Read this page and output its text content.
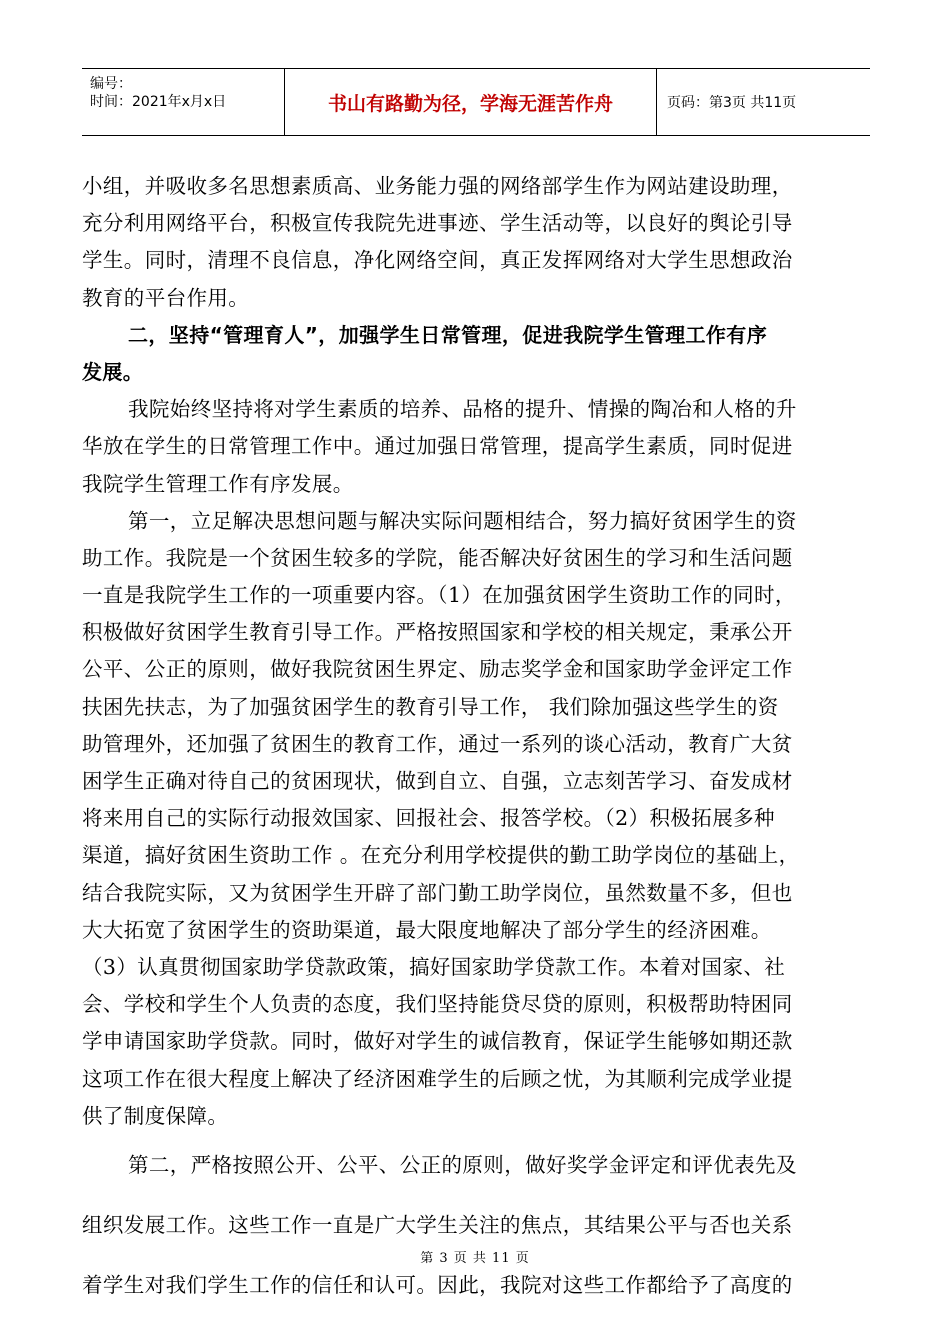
编号：
时间：2021年x月x日	书山有路勤为径，学海无涯苦作舟	页码：第3页 共11页
小组，并吸收多名思想素质高、业务能力强的网络部学生作为网站建设助理，
充分利用网络平台，积极宣传我院先进事迹、学生活动等，以良好的舆论引导
学生。同时，清理不良信息，净化网络空间，真正发挥网络对大学生思想政治
教育的平台作用。
二，坚持“管理育人”，加强学生日常管理，促进我院学生管理工作有序
发展。
我院始终坚持将对学生素质的培养、品格的提升、情操的陶冶和人格的升
华放在学生的日常管理工作中。通过加强日常管理，提高学生素质，同时促进
我院学生管理工作有序发展。
第一，立足解决思想问题与解决实际问题相结合，努力搞好贫困学生的资
助工作。我院是一个贫困生较多的学院，能否解决好贫困生的学习和生活问题
一直是我院学生工作的一项重要内容。（1）在加强贫困学生资助工作的同时，
积极做好贫困学生教育引导工作。严格按照国家和学校的相关规定，秉承公开
公平、公正的原则，做好我院贫困生界定、励志奖学金和国家助学金评定工作
扶困先扶志，为了加强贫困学生的教育引导工作， 我们除加强这些学生的资
助管理外，还加强了贫困生的教育工作，通过一系列的谈心活动，教育广大贫
困学生正确对待自己的贫困现状，做到自立、自强，立志刻苦学习、奋发成材
将来用自己的实际行动报效国家、回报社会、报答学校。（2）积极拓展多种
渠道，搞好贫困生资助工作 。在充分利用学校提供的勤工助学岗位的基础上，
结合我院实际，又为贫困学生开辟了部门勤工助学岗位，虽然数量不多，但也
大大拓宽了贫困学生的资助渠道，最大限度地解决了部分学生的经济困难。
（3）认真贯彻国家助学贷款政策，搞好国家助学贷款工作。本着对国家、社
会、学校和学生个人负责的态度，我们坚持能贷尽贷的原则，积极帮助特困同
学申请国家助学贷款。同时，做好对学生的诚信教育，保证学生能够如期还款
这项工作在很大程度上解决了经济困难学生的后顾之忧，为其顺利完成学业提
供了制度保障。
第二，严格按照公开、公平、公正的原则，做好奖学金评定和评优表先及
组织发展工作。这些工作一直是广大学生关注的焦点，其结果公平与否也关系
着学生对我们学生工作的信任和认可。因此，我院对这些工作都给予了高度的
第 3 页 共 11 页
